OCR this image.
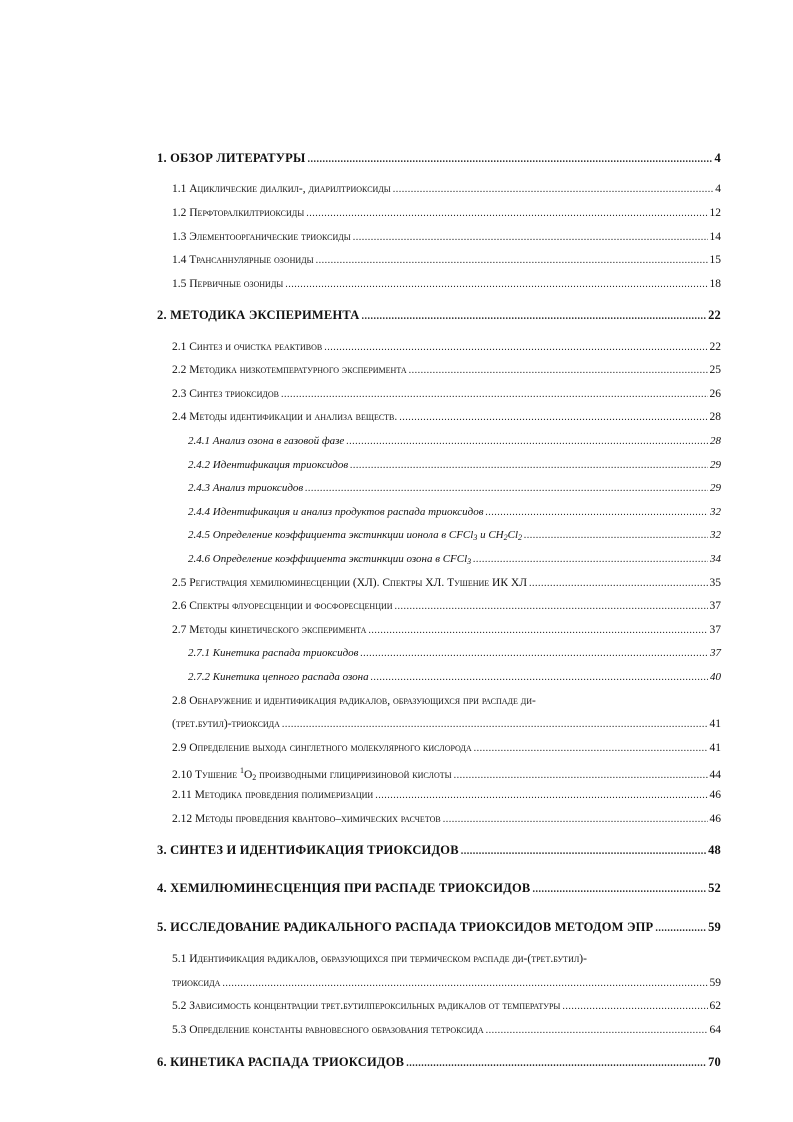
1. ОБЗОР ЛИТЕРАТУРЫ .....	4
1.1 Ациклические диалкил-, диарилтриоксиды .....	4
1.2 Перфторалкилтриоксиды .....	12
1.3 Элементоорганические триоксиды .....	14
1.4 Трансаннулярные озониды .....	15
1.5 Первичные озониды .....	18
2. МЕТОДИКА ЭКСПЕРИМЕНТА .....	22
2.1 Синтез и очистка реактивов .....	22
2.2 Методика низкотемпературного эксперимента .....	25
2.3 Синтез триоксидов .....	26
2.4 Методы идентификации и анализа веществ. .....	28
2.4.1 Анализ озона в газовой фазе .....	28
2.4.2 Идентификация триоксидов .....	29
2.4.3 Анализ триоксидов .....	29
2.4.4 Идентификация и анализ продуктов распада триоксидов .....	32
2.4.5 Определение коэффициента экстинкции ионола в CFCl$_3$ и $CH_2Cl_2$ .....	32
2.4.6 Определение коэффициента экстинкции озона в CFCl$_3$ .....	34
2.5 Регистрация хемилюминесценции (ХЛ). Спектры ХЛ. Тушение ИК ХЛ .....	35
2.6 Спектры флуоресценции и фосфоресценции .....	37
2.7 Методы кинетического эксперимента .....	37
2.7.1 Кинетика распада триоксидов .....	37
2.7.2 Кинетика цепного распада озона .....	40
2.8 Обнаружение и идентификация радикалов, образующихся при распаде ди-
(трет.бутил)-триоксида .....	41
2.9 Определение выхода синглетного молекулярного кислорода .....	41
2.10 Тушение $^1O_2$ производными глицирризиновой кислоты .....	44
2.11 Методика проведения полимеризации .....	46
2.12 Методы проведения квантово–химических расчетов .....	46
3. СИНТЕЗ И ИДЕНТИФИКАЦИЯ ТРИОКСИДОВ .....	48
4. ХЕМИЛЮМИНЕСЦЕНЦИЯ ПРИ РАСПАДЕ ТРИОКСИДОВ .....	52
5. ИССЛЕДОВАНИЕ РАДИКАЛЬНОГО РАСПАДА ТРИОКСИДОВ МЕТОДОМ ЭПР .....	59
5.1 Идентификация радикалов, образующихся при термическом распаде ди-(трет.бутил)-
триоксида .....	59
5.2 Зависимость концентрации трет.бутилпероксильных радикалов от температуры .....	62
5.3 Определение константы равновесного образования тетроксида .....	64
6. КИНЕТИКА РАСПАДА ТРИОКСИДОВ .....	70
